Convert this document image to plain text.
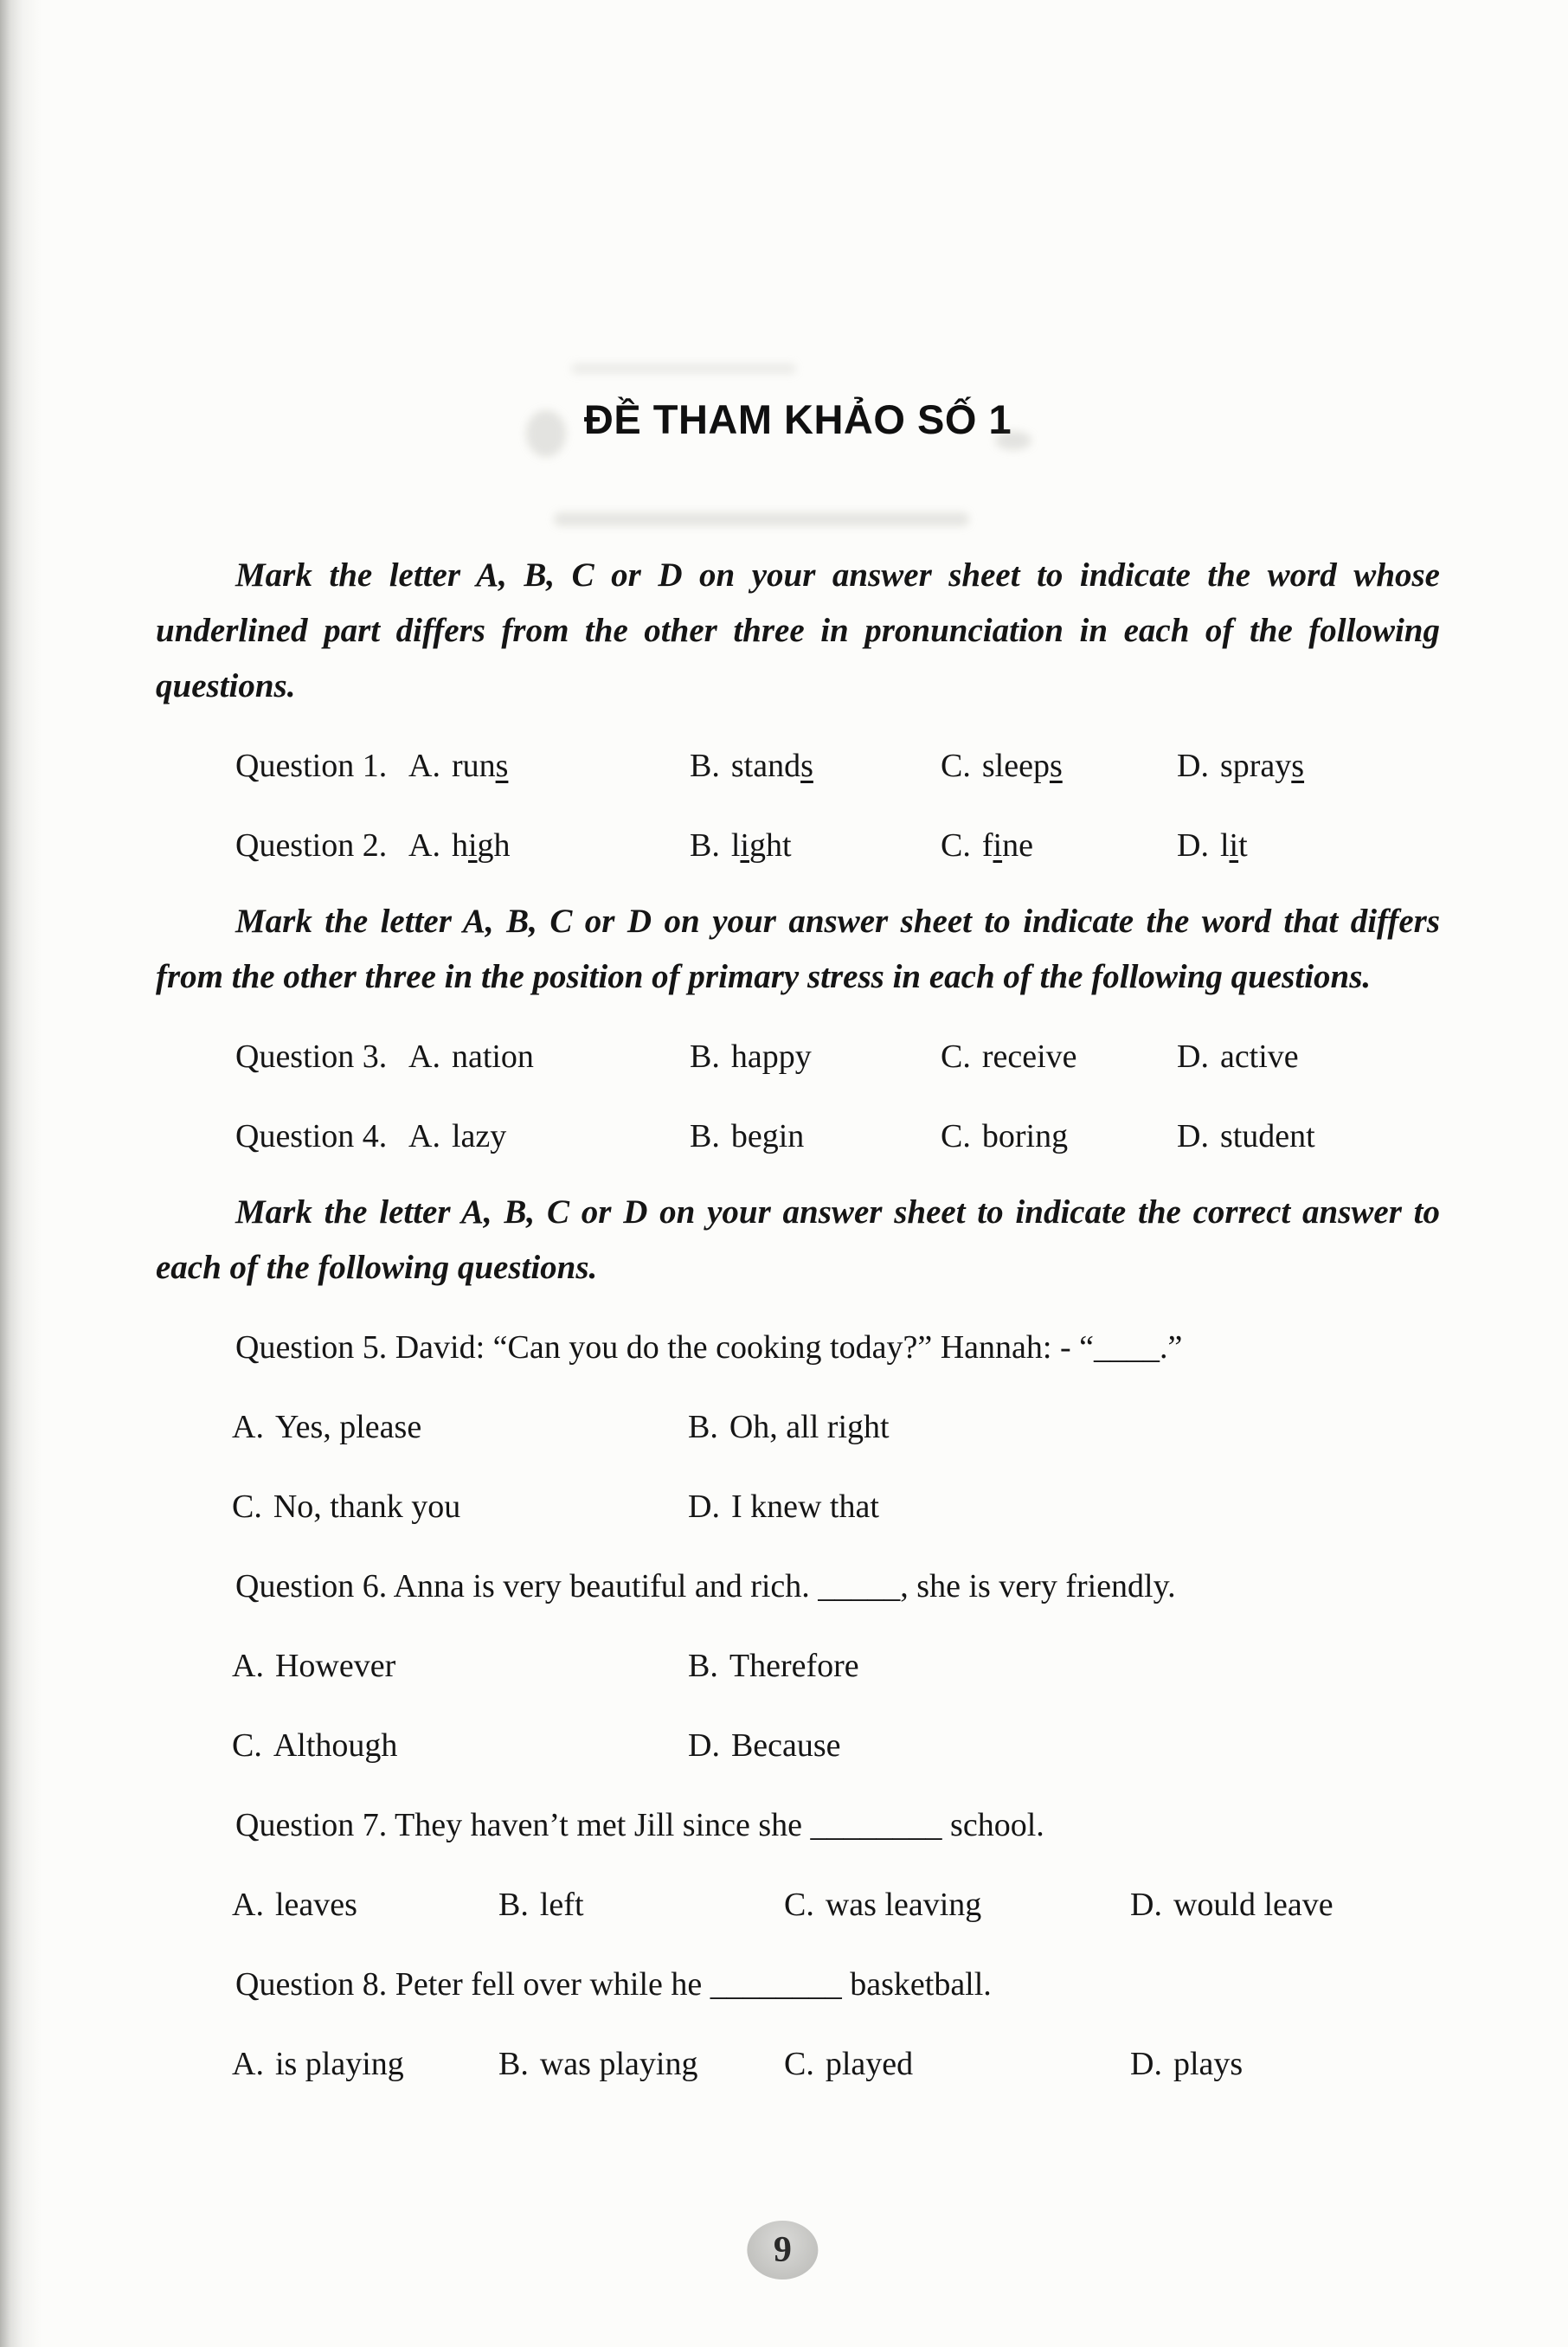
ĐỀ THAM KHẢO SỐ 1

Mark the letter A, B, C or D on your answer sheet to indicate the word whose underlined part differs from the other three in pronunciation in each of the following questions.

Question 1. A. runs	B. stands	C. sleeps	D. sprays
Question 2. A. high	B. light	C. fine	D. lit

Mark the letter A, B, C or D on your answer sheet to indicate the word that differs from the other three in the position of primary stress in each of the following questions.

Question 3. A. nation	B. happy	C. receive	D. active
Question 4. A. lazy	B. begin	C. boring	D. student

Mark the letter A, B, C or D on your answer sheet to indicate the correct answer to each of the following questions.

Question 5. David: “Can you do the cooking today?” Hannah: - “____.”

A. Yes, please	B. Oh, all right
C. No, thank you	D. I knew that

Question 6. Anna is very beautiful and rich. _____, she is very friendly.

A. However	B. Therefore
C. Although	D. Because

Question 7. They haven’t met Jill since she ________ school.

A. leaves	B. left	C. was leaving	D. would leave

Question 8. Peter fell over while he ________ basketball.

A. is playing	B. was playing	C. played	D. plays
9
